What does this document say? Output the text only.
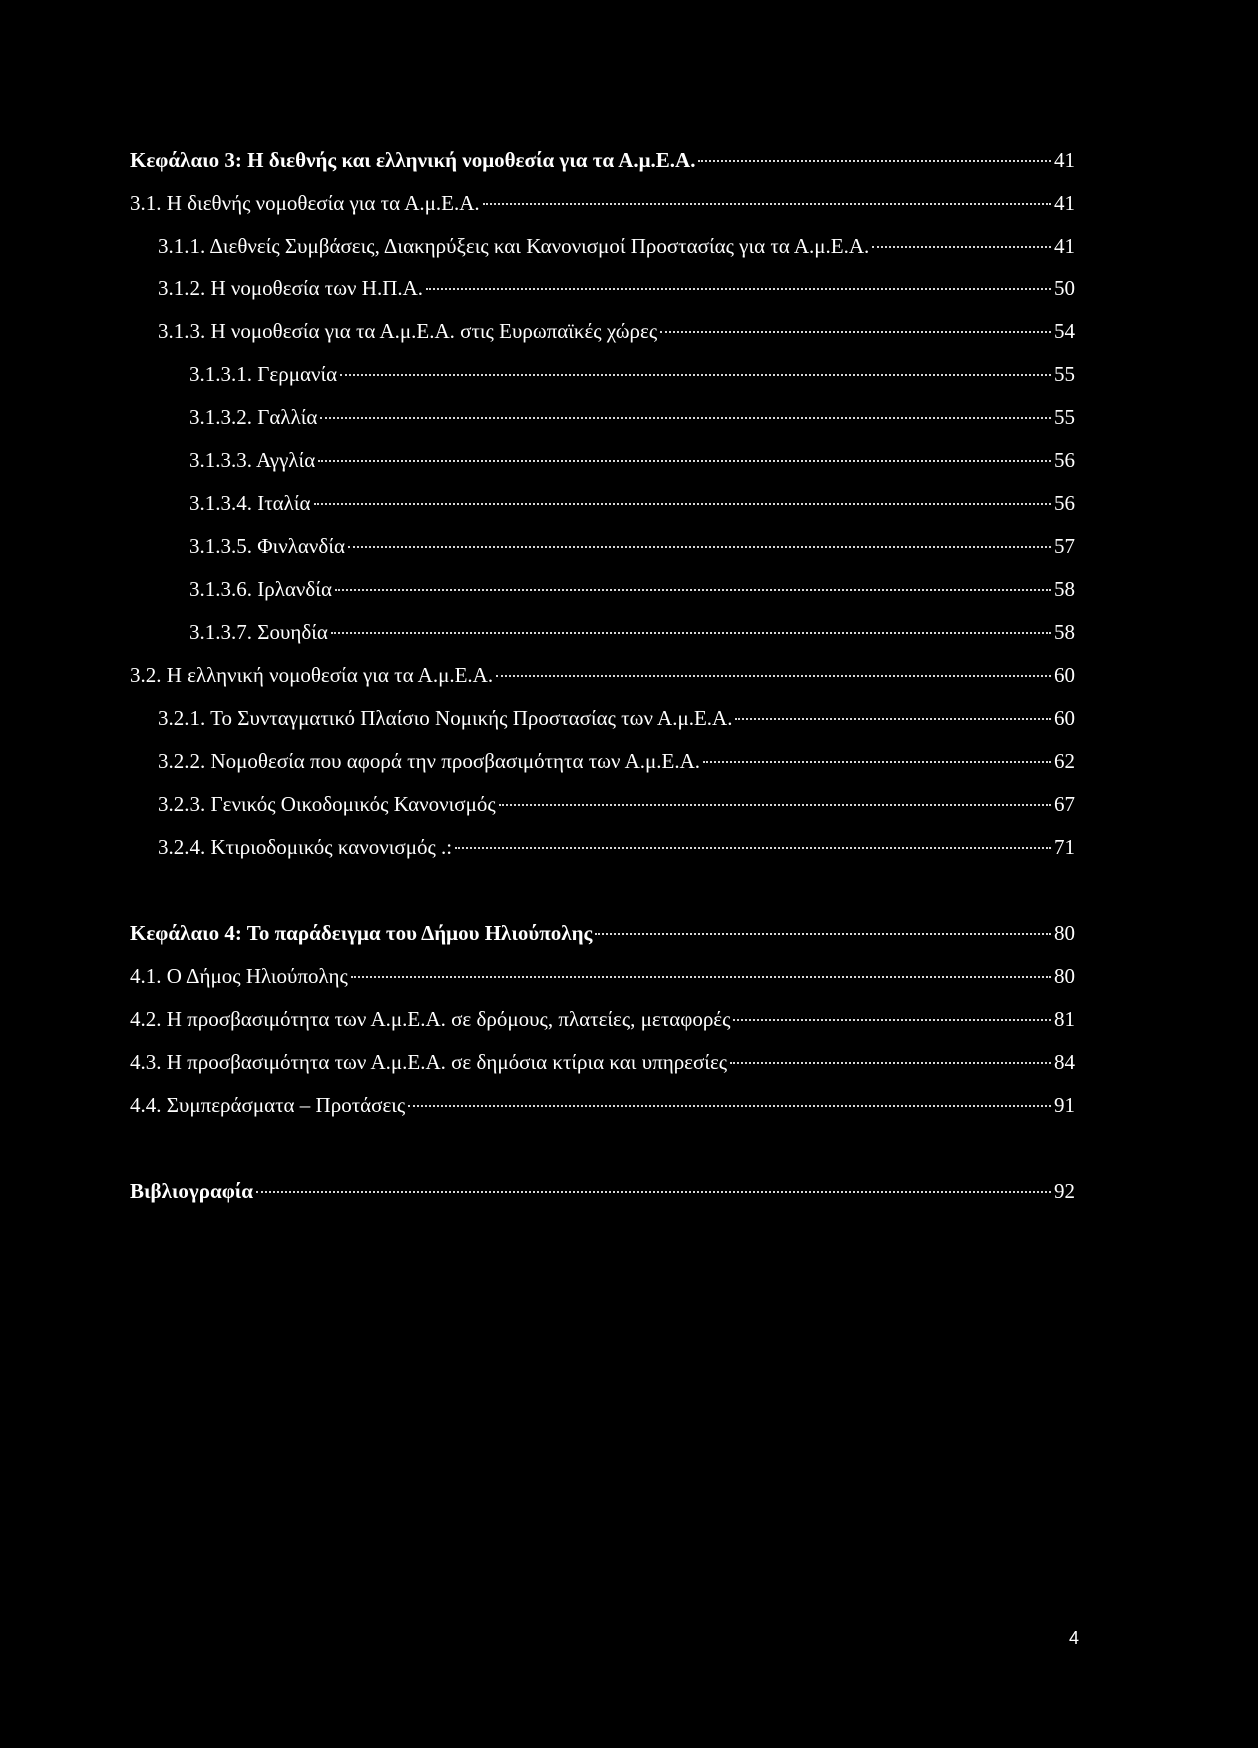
Κεφάλαιο 3: Η διεθνής και ελληνική νομοθεσία για τα Α.μ.Ε.Α.	41
3.1. Η διεθνής νομοθεσία για τα Α.μ.Ε.Α.	41
3.1.1. Διεθνείς Συμβάσεις, Διακηρύξεις και Κανονισμοί Προστασίας για τα Α.μ.Ε.Α.	41
3.1.2. Η νομοθεσία των Η.Π.Α.	50
3.1.3. Η νομοθεσία για τα Α.μ.Ε.Α. στις Ευρωπαϊκές χώρες	54
3.1.3.1. Γερμανία	55
3.1.3.2. Γαλλία	55
3.1.3.3. Αγγλία	56
3.1.3.4. Ιταλία	56
3.1.3.5. Φινλανδία	57
3.1.3.6. Ιρλανδία	58
3.1.3.7. Σουηδία	58
3.2. Η ελληνική νομοθεσία για τα Α.μ.Ε.Α.	60
3.2.1. Το Συνταγματικό Πλαίσιο Νομικής Προστασίας των Α.μ.Ε.Α.	60
3.2.2. Νομοθεσία που αφορά την προσβασιμότητα των Α.μ.Ε.Α.	62
3.2.3. Γενικός Οικοδομικός Κανονισμός	67
3.2.4. Κτιριοδομικός κανονισμός .:	71
Κεφάλαιο 4: Το παράδειγμα του Δήμου Ηλιούπολης	80
4.1. Ο Δήμος Ηλιούπολης	80
4.2. Η προσβασιμότητα των Α.μ.Ε.Α. σε δρόμους, πλατείες, μεταφορές	81
4.3. Η προσβασιμότητα των Α.μ.Ε.Α. σε δημόσια κτίρια και υπηρεσίες	84
4.4. Συμπεράσματα – Προτάσεις	91
Βιβλιογραφία	92
4
